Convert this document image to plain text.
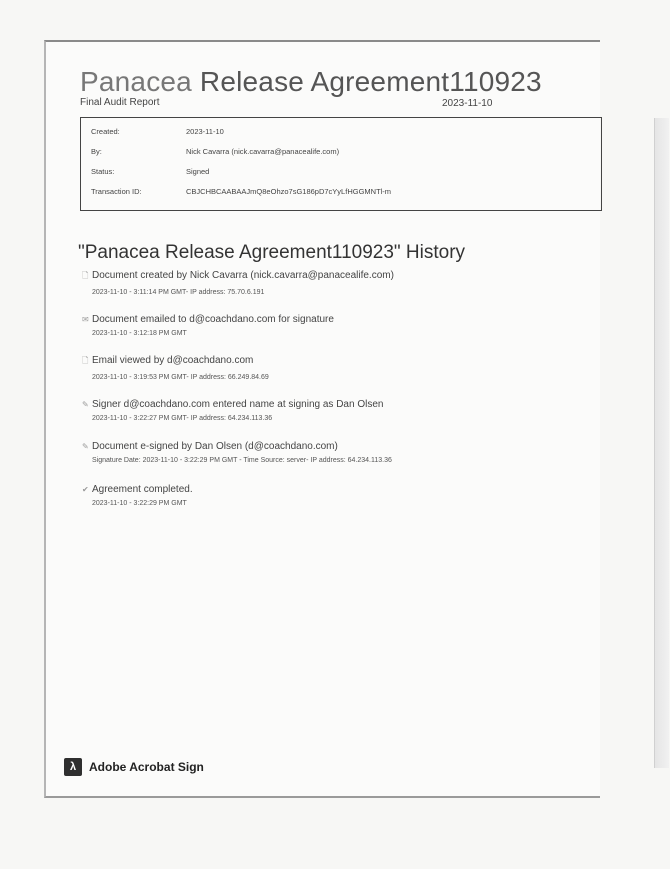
Panacea Release Agreement110923
Final Audit Report	2023-11-10
Created:	2023-11-10
By:	Nick Cavarra (nick.cavarra@panacealife.com)
Status:	Signed
Transaction ID:	CBJCHBCAABAAJmQ8eOhzo7sG186pD7cYyLfHGGMNTl-m
"Panacea Release Agreement110923" History
🗋 Document created by Nick Cavarra (nick.cavarra@panacealife.com)
2023-11-10 - 3:11:14 PM GMT- IP address: 75.70.6.191
✉ Document emailed to d@coachdano.com for signature
2023-11-10 - 3:12:18 PM GMT
🗋 Email viewed by d@coachdano.com
2023-11-10 - 3:19:53 PM GMT- IP address: 66.249.84.69
✎ Signer d@coachdano.com entered name at signing as Dan Olsen
2023-11-10 - 3:22:27 PM GMT- IP address: 64.234.113.36
✎ Document e-signed by Dan Olsen (d@coachdano.com)
Signature Date: 2023-11-10 - 3:22:29 PM GMT - Time Source: server- IP address: 64.234.113.36
✔ Agreement completed.
2023-11-10 - 3:22:29 PM GMT
λ	Adobe Acrobat Sign
